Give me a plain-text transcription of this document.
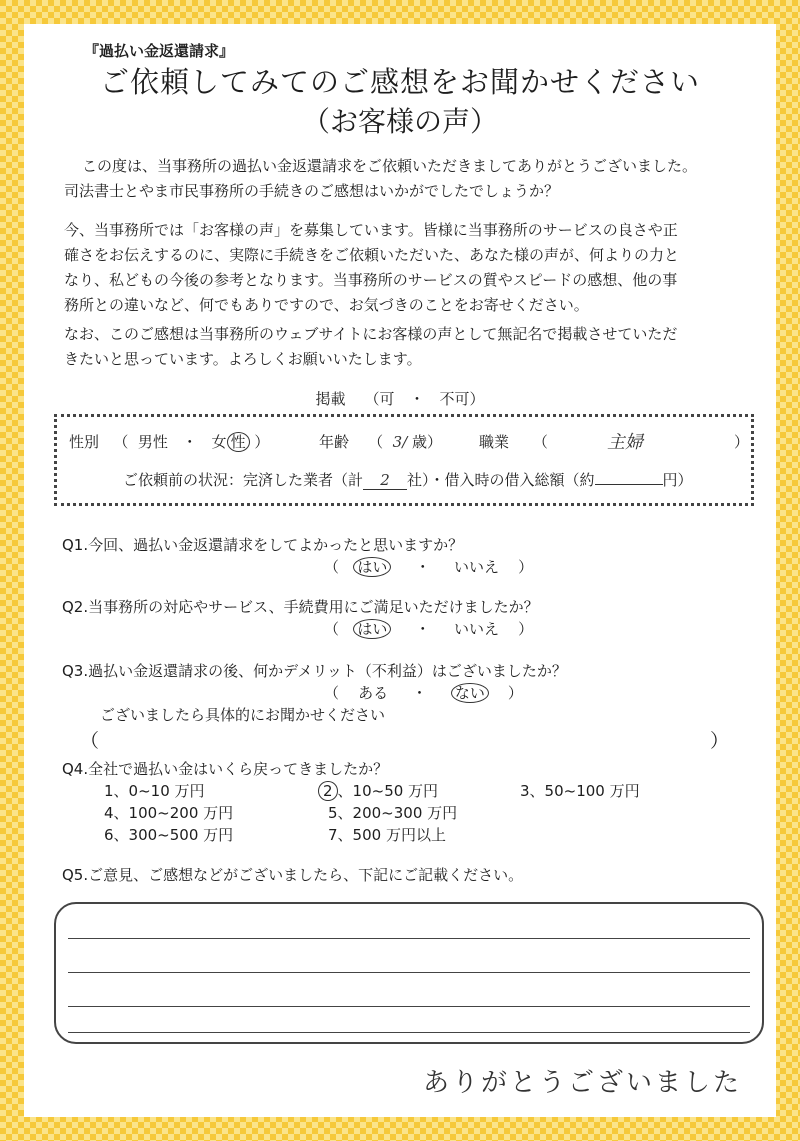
『過払い金返還請求』
ご依頼してみてのご感想をお聞かせください
（お客様の声）
この度は、当事務所の過払い金返還請求をご依頼いただきましてありがとうございました。
司法書士とやま市民事務所の手続きのご感想はいかがでしたでしょうか？
今、当事務所では「お客様の声」を募集しています。皆様に当事務所のサービスの良さや正
確さをお伝えするのに、実際に手続きをご依頼いただいた、あなた様の声が、何よりの力と
なり、私どもの今後の参考となります。当事務所のサービスの質やスピードの感想、他の事
務所との違いなど、何でもありですので、お気づきのことをお寄せください。
なお、このご感想は当事務所のウェブサイトにお客様の声として無記名で掲載させていただ
きたいと思っています。よろしくお願いいたします。
掲載 （可　・　不可）
性別 （ 男性 ・ 女 性 ）	年齢 （ 3/ 歳） 職業 （	主婦	）
ご依頼前の状況：完済した業者（計 2 社）・借入時の借入総額（約	円）
Q1.今回、過払い金返還請求をしてよかったと思いますか？
（ はい ・ いいえ ）
Q2.当事務所の対応やサービス、手続費用にご満足いただけましたか？
（ はい ・ いいえ ）
Q3.過払い金返還請求の後、何かデメリット（不利益）はございましたか？
（ ある ・ ない ）
ございましたら具体的にお聞かせください
（	）
Q4.全社で過払い金はいくら戻ってきましたか？
1、0~10 万円	2 、10~50 万円	3、50~100 万円
4、100~200 万円	5、200~300 万円
6、300~500 万円	7、500 万円以上
Q5.ご意見、ご感想などがございましたら、下記にご記載ください。
ありがとうございました
